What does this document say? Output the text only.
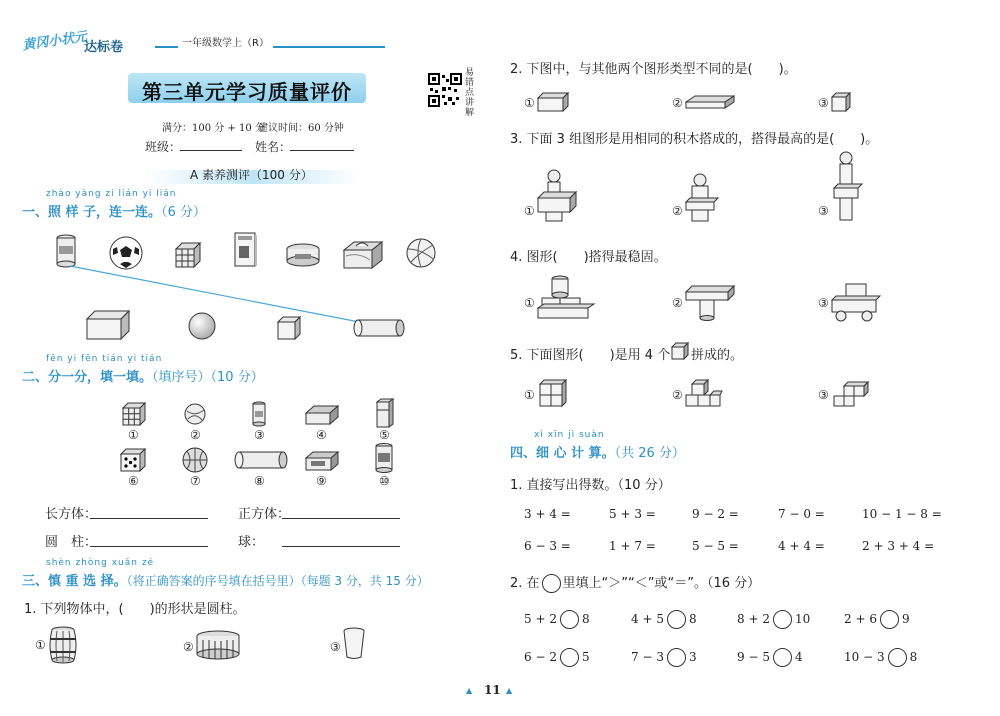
黄冈小状元
达标卷	一年级数学上（R）
第三单元学习质量评价
易错点讲解
满分：100 分 + 10 分
建议时间：60 分钟
班级：	姓名：
A 素养测评（100 分）
zhào yàng zi lián yi lián
一、照 样 子，连一连。（6 分）
fēn yi fēn tián yi tián
二、分一分，填一填。（填序号）（10 分）
①	②	③	④	⑤
⑥	⑦	⑧	⑨	⑩
长方体：	正方体：
圆　柱：	球：
shèn zhòng xuǎn zé
三、慎 重 选 择。（将正确答案的序号填在括号里）（每题 3 分，共 15 分）
1. 下列物体中，(　　)的形状是圆柱。
①	②	③
2. 下图中，与其他两个图形类型不同的是(　　)。
①	②	③
3. 下面 3 组图形是用相同的积木搭成的，搭得最高的是(　　)。
①	②	③
4. 图形(　　)搭得最稳固。
①	②	③
5. 下面图形(　　)是用 4 个 拼成的。
①	②	③
xì xīn jì suàn
四、细 心 计 算。（共 26 分）
1. 直接写出得数。（10 分）
3 + 4 =	5 + 3 =	9 − 2 =	7 − 0 =	10 − 1 − 8 =
6 − 3 =	1 + 7 =	5 − 5 =	4 + 4 =	2 + 3 + 4 =
2. 在 里填上“＞”“＜”或“＝”。（16 分）
5 + 2 8	4 + 5 8	8 + 2 10	2 + 6 9
6 − 2 5	7 − 3 3	9 − 5 4	10 − 3 8
▲ 11 ▲
